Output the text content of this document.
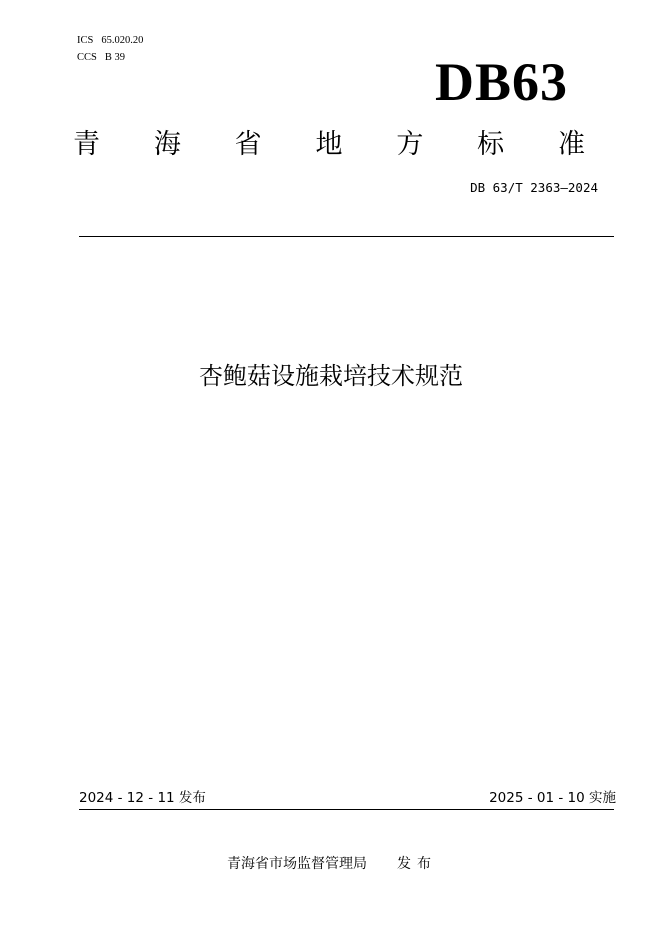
ICS 65.020.20
CCS B 39	DB63
青 海 省 地 方 标 准
DB 63/T 2363—2024
杏鲍菇设施栽培技术规范
2024 - 12 - 11 发布	2025 - 01 - 10 实施
青海省市场监督管理局 发布
